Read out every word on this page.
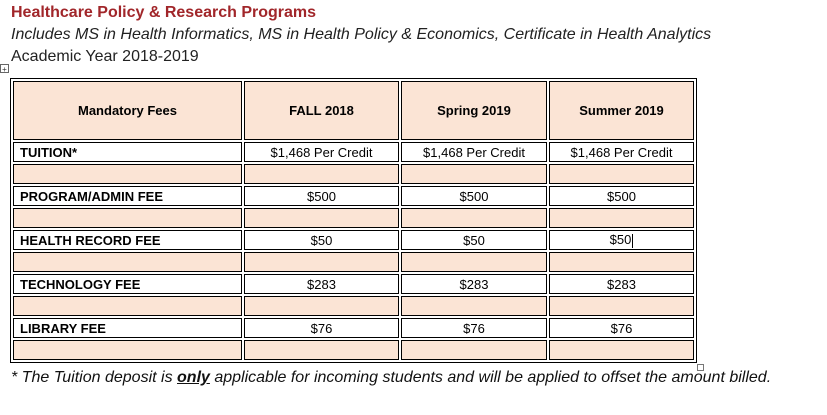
Healthcare Policy & Research Programs
Includes MS in Health Informatics, MS in Health Policy & Economics, Certificate in Health Analytics
Academic Year 2018-2019
+
Mandatory Fees	FALL 2018	Spring 2019	Summer 2019
TUITION*	$1,468 Per Credit	$1,468 Per Credit	$1,468 Per Credit

PROGRAM/ADMIN FEE	$500	$500	$500

HEALTH RECORD FEE	$50	$50	$50

TECHNOLOGY FEE	$283	$283	$283

LIBRARY FEE	$76	$76	$76

* The Tuition deposit is only applicable for incoming students and will be applied to offset the amount billed.
